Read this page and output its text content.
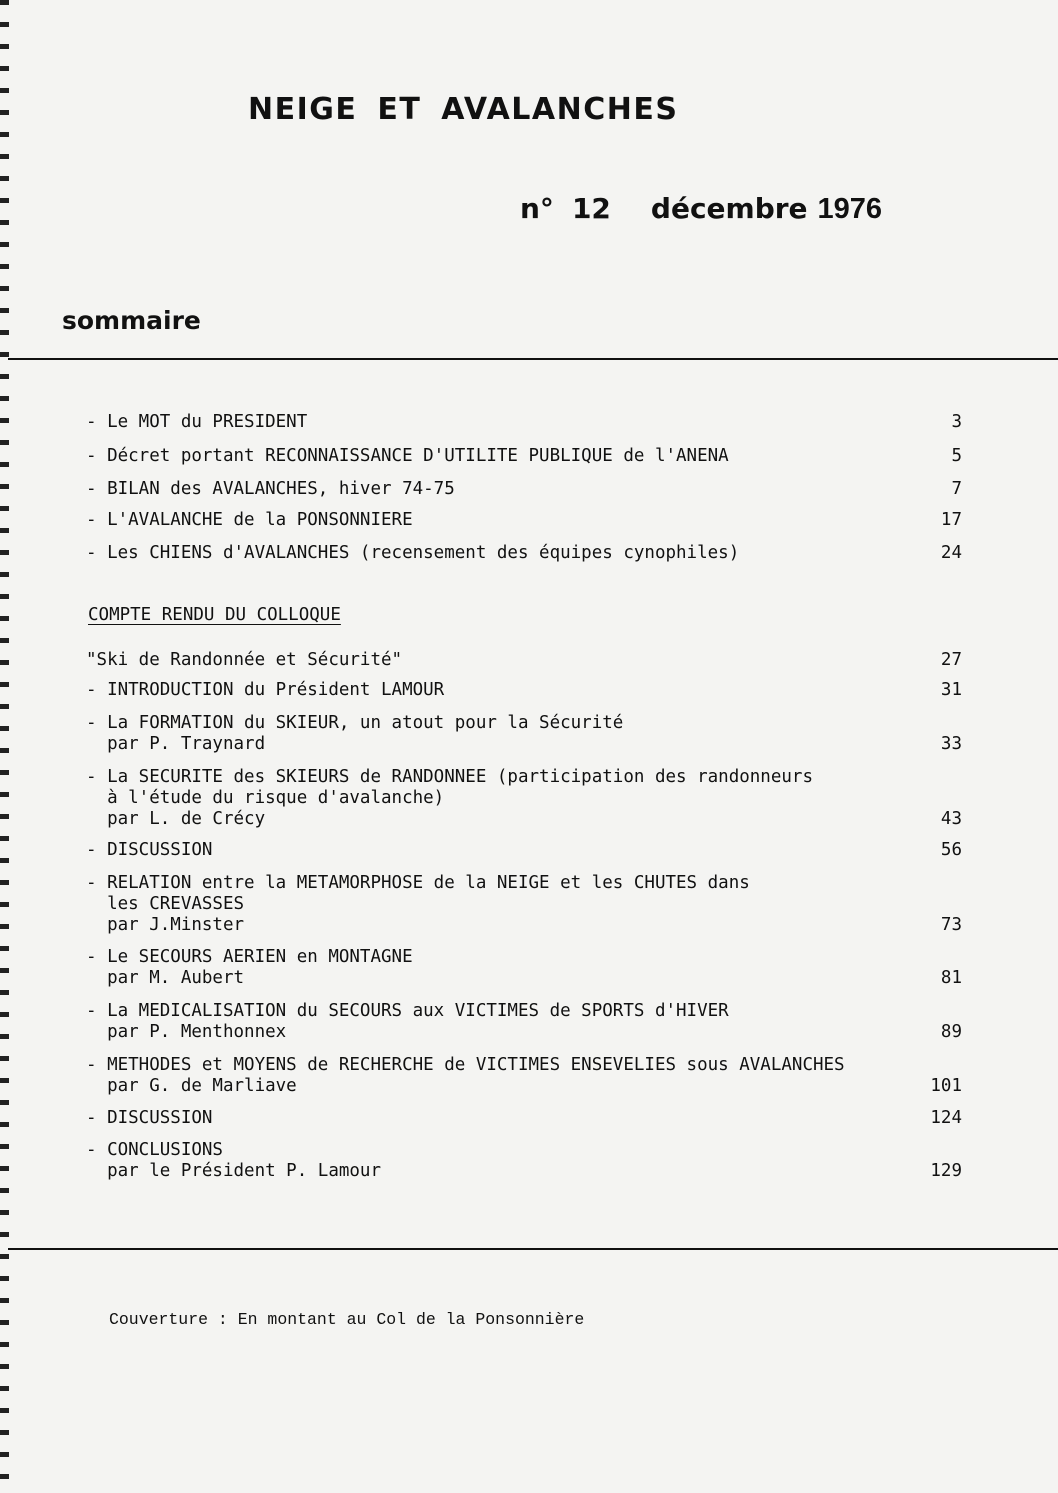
NEIGE ET AVALANCHES
n° 12 décembre 1976
sommaire
- Le MOT du PRESIDENT	3
- Décret portant RECONNAISSANCE D'UTILITE PUBLIQUE de l'ANENA	5
- BILAN des AVALANCHES, hiver 74-75	7
- L'AVALANCHE de la PONSONNIERE	17
- Les CHIENS d'AVALANCHES (recensement des équipes cynophiles)	24
COMPTE RENDU DU COLLOQUE
"Ski de Randonnée et Sécurité"	27
- INTRODUCTION du Président LAMOUR	31
- La FORMATION du SKIEUR, un atout pour la Sécurité
par P. Traynard	33
- La SECURITE des SKIEURS de RANDONNEE (participation des randonneurs
à l'étude du risque d'avalanche)
par L. de Crécy	43
- DISCUSSION	56
- RELATION entre la METAMORPHOSE de la NEIGE et les CHUTES dans
les CREVASSES
par J.Minster	73
- Le SECOURS AERIEN en MONTAGNE
par M. Aubert	81
- La MEDICALISATION du SECOURS aux VICTIMES de SPORTS d'HIVER
par P. Menthonnex	89
- METHODES et MOYENS de RECHERCHE de VICTIMES ENSEVELIES sous AVALANCHES
par G. de Marliave	101
- DISCUSSION	124
- CONCLUSIONS
par le Président P. Lamour	129
Couverture : En montant au Col de la Ponsonnière
